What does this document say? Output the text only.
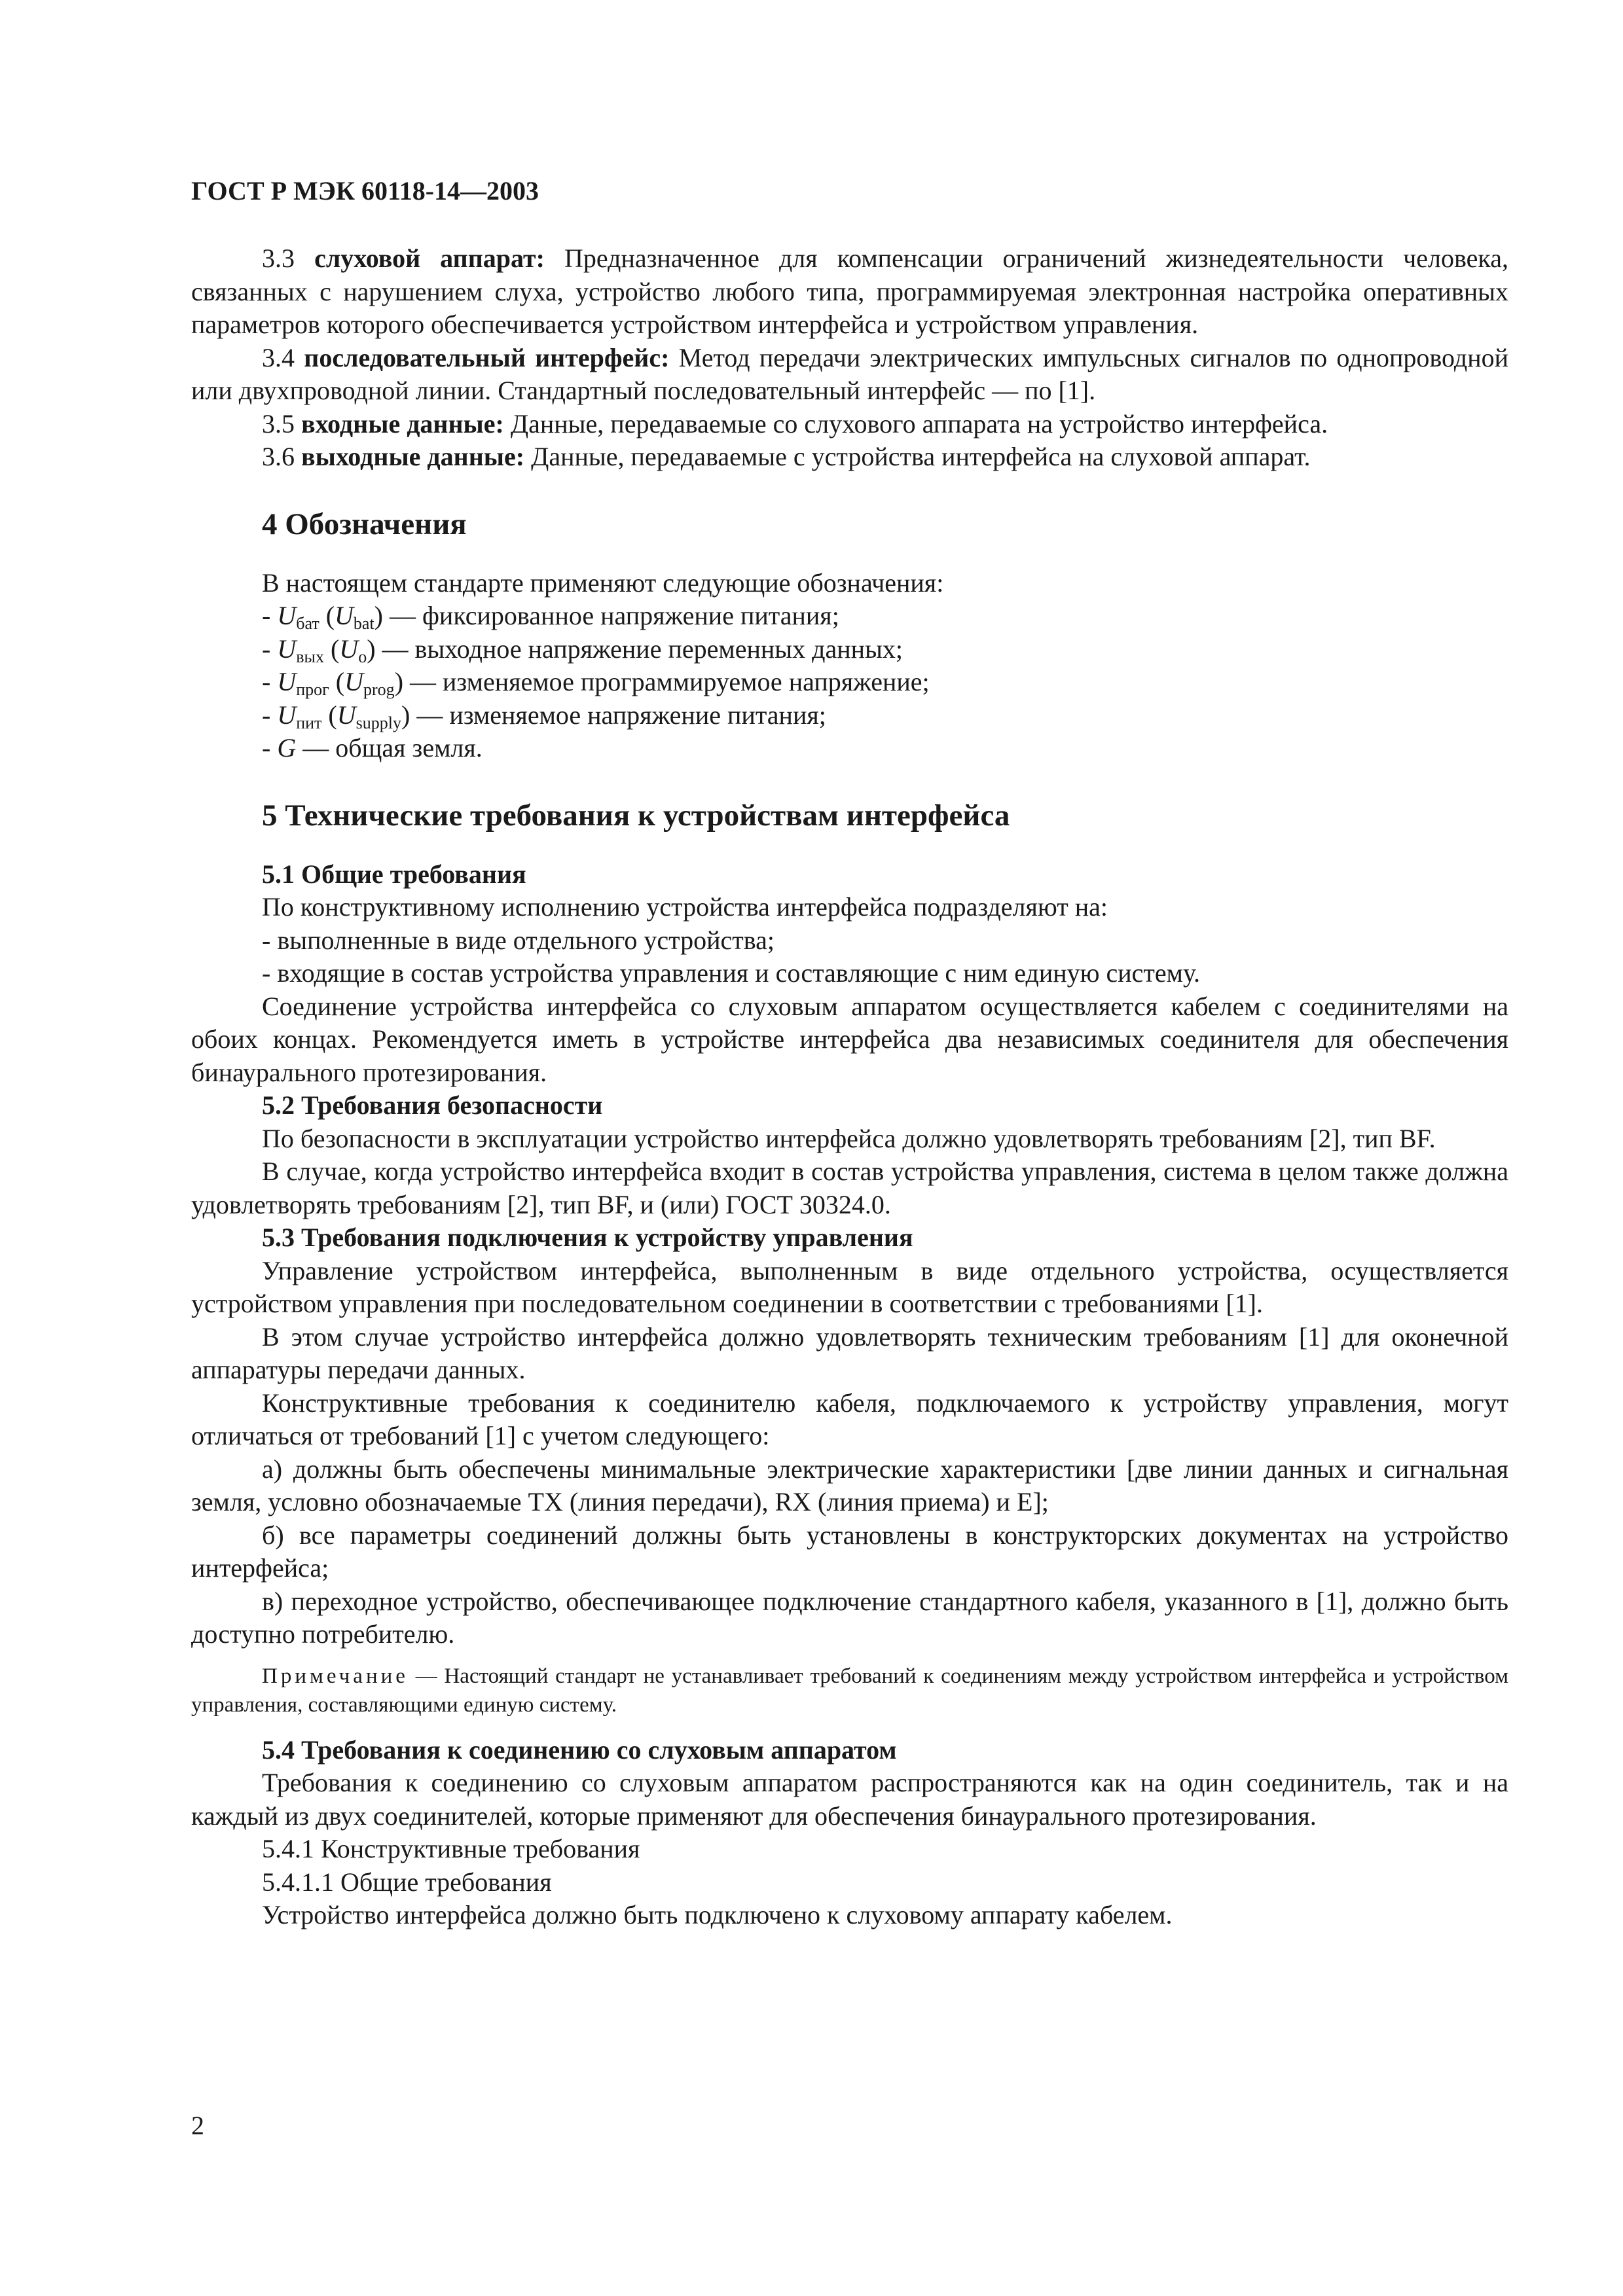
ГОСТ Р МЭК 60118-14—2003

3.3 слуховой аппарат: Предназначенное для компенсации ограничений жизнедеятельности человека, связанных с нарушением слуха, устройство любого типа, программируемая электронная настройка оперативных параметров которого обеспечивается устройством интерфейса и устройством управления.

3.4 последовательный интерфейс: Метод передачи электрических импульсных сигналов по однопроводной или двухпроводной линии. Стандартный последовательный интерфейс — по [1].

3.5 входные данные: Данные, передаваемые со слухового аппарата на устройство интерфейса.

3.6 выходные данные: Данные, передаваемые с устройства интерфейса на слуховой аппарат.

4 Обозначения
В настоящем стандарте применяют следующие обозначения:
- $U_{бат}$ $(U_{bat})$ — фиксированное напряжение питания;
- $U_{вых}$ $(U_o)$ — выходное напряжение переменных данных;
- $U_{прог}$ $(U_{prog})$ — изменяемое программируемое напряжение;
- $U_{пит}$ $(U_{supply})$ — изменяемое напряжение питания;
- G — общая земля.
5 Технические требования к устройствам интерфейса
5.1 Общие требования
По конструктивному исполнению устройства интерфейса подразделяют на:
- выполненные в виде отдельного устройства;
- входящие в состав устройства управления и составляющие с ним единую систему.

Соединение устройства интерфейса со слуховым аппаратом осуществляется кабелем с соединителями на обоих концах. Рекомендуется иметь в устройстве интерфейса два независимых соединителя для обеспечения бинаурального протезирования.

5.2 Требования безопасности

По безопасности в эксплуатации устройство интерфейса должно удовлетворять требованиям [2], тип BF.

В случае, когда устройство интерфейса входит в состав устройства управления, система в целом также должна удовлетворять требованиям [2], тип BF, и (или) ГОСТ 30324.0.

5.3 Требования подключения к устройству управления

Управление устройством интерфейса, выполненным в виде отдельного устройства, осуществляется устройством управления при последовательном соединении в соответствии с требованиями [1].

В этом случае устройство интерфейса должно удовлетворять техническим требованиям [1] для оконечной аппаратуры передачи данных.

Конструктивные требования к соединителю кабеля, подключаемого к устройству управления, могут отличаться от требований [1] с учетом следующего:

а) должны быть обеспечены минимальные электрические характеристики [две линии данных и сигнальная земля, условно обозначаемые TX (линия передачи), RX (линия приема) и E];

б) все параметры соединений должны быть установлены в конструкторских документах на устройство интерфейса;

в) переходное устройство, обеспечивающее подключение стандартного кабеля, указанного в [1], должно быть доступно потребителю.

Примечание — Настоящий стандарт не устанавливает требований к соединениям между устройством интерфейса и устройством управления, составляющими единую систему.
5.4 Требования к соединению со слуховым аппаратом

Требования к соединению со слуховым аппаратом распространяются как на один соединитель, так и на каждый из двух соединителей, которые применяют для обеспечения бинаурального протезирования.

5.4.1 Конструктивные требования
5.4.1.1 Общие требования
Устройство интерфейса должно быть подключено к слуховому аппарату кабелем.
2
